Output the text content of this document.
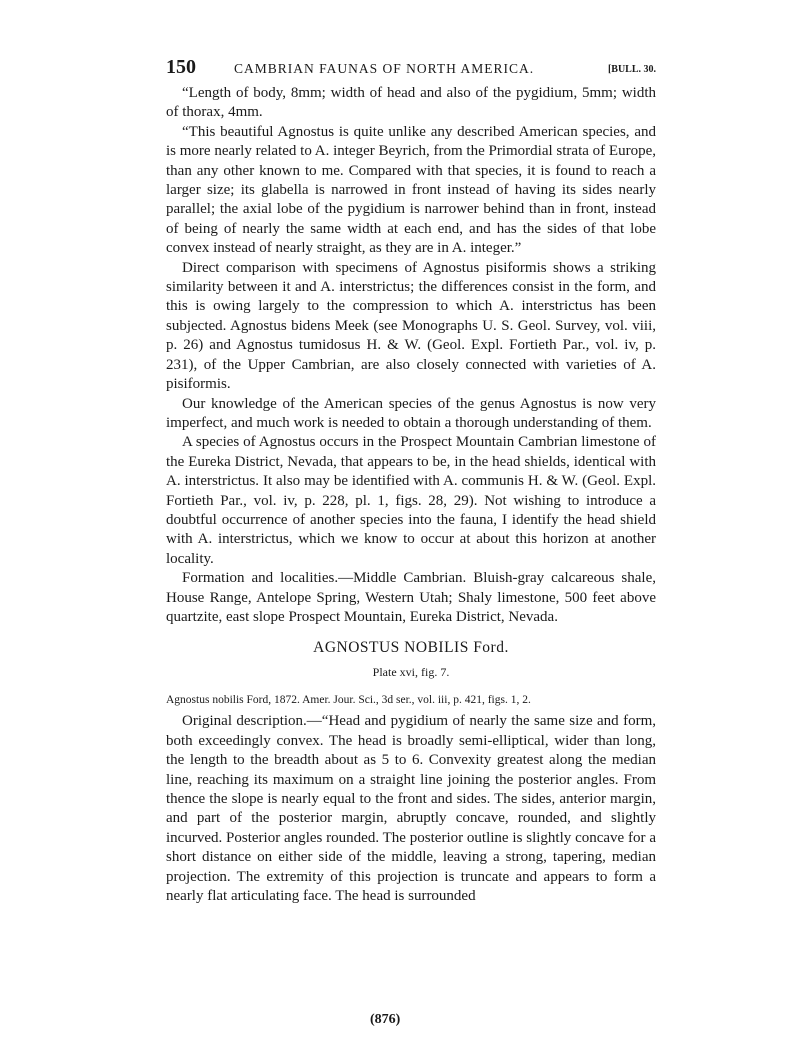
150	CAMBRIAN FAUNAS OF NORTH AMERICA.	[BULL. 30.

“Length of body, 8mm; width of head and also of the pygidium, 5mm; width of thorax, 4mm.

“This beautiful Agnostus is quite unlike any described American species, and is more nearly related to A. integer Beyrich, from the Primordial strata of Europe, than any other known to me. Compared with that species, it is found to reach a larger size; its glabella is narrowed in front instead of having its sides nearly parallel; the axial lobe of the pygidium is narrower behind than in front, instead of being of nearly the same width at each end, and has the sides of that lobe convex instead of nearly straight, as they are in A. integer.”

Direct comparison with specimens of Agnostus pisiformis shows a striking similarity between it and A. interstrictus; the differences consist in the form, and this is owing largely to the compression to which A. interstrictus has been subjected. Agnostus bidens Meek (see Monographs U. S. Geol. Survey, vol. viii, p. 26) and Agnostus tumidosus H. & W. (Geol. Expl. Fortieth Par., vol. iv, p. 231), of the Upper Cambrian, are also closely connected with varieties of A. pisiformis.

Our knowledge of the American species of the genus Agnostus is now very imperfect, and much work is needed to obtain a thorough understanding of them.

A species of Agnostus occurs in the Prospect Mountain Cambrian limestone of the Eureka District, Nevada, that appears to be, in the head shields, identical with A. interstrictus. It also may be identified with A. communis H. & W. (Geol. Expl. Fortieth Par., vol. iv, p. 228, pl. 1, figs. 28, 29). Not wishing to introduce a doubtful occurrence of another species into the fauna, I identify the head shield with A. interstrictus, which we know to occur at about this horizon at another locality.

Formation and localities.—Middle Cambrian. Bluish-gray calcareous shale, House Range, Antelope Spring, Western Utah; Shaly limestone, 500 feet above quartzite, east slope Prospect Mountain, Eureka District, Nevada.

AGNOSTUS NOBILIS Ford.
Plate xvi, fig. 7.

Agnostus nobilis Ford, 1872. Amer. Jour. Sci., 3d ser., vol. iii, p. 421, figs. 1, 2.

Original description.—“Head and pygidium of nearly the same size and form, both exceedingly convex. The head is broadly semi-elliptical, wider than long, the length to the breadth about as 5 to 6. Convexity greatest along the median line, reaching its maximum on a straight line joining the posterior angles. From thence the slope is nearly equal to the front and sides. The sides, anterior margin, and part of the posterior margin, abruptly concave, rounded, and slightly incurved. Posterior angles rounded. The posterior outline is slightly concave for a short distance on either side of the middle, leaving a strong, tapering, median projection. The extremity of this projection is truncate and appears to form a nearly flat articulating face. The head is surrounded

(876)
